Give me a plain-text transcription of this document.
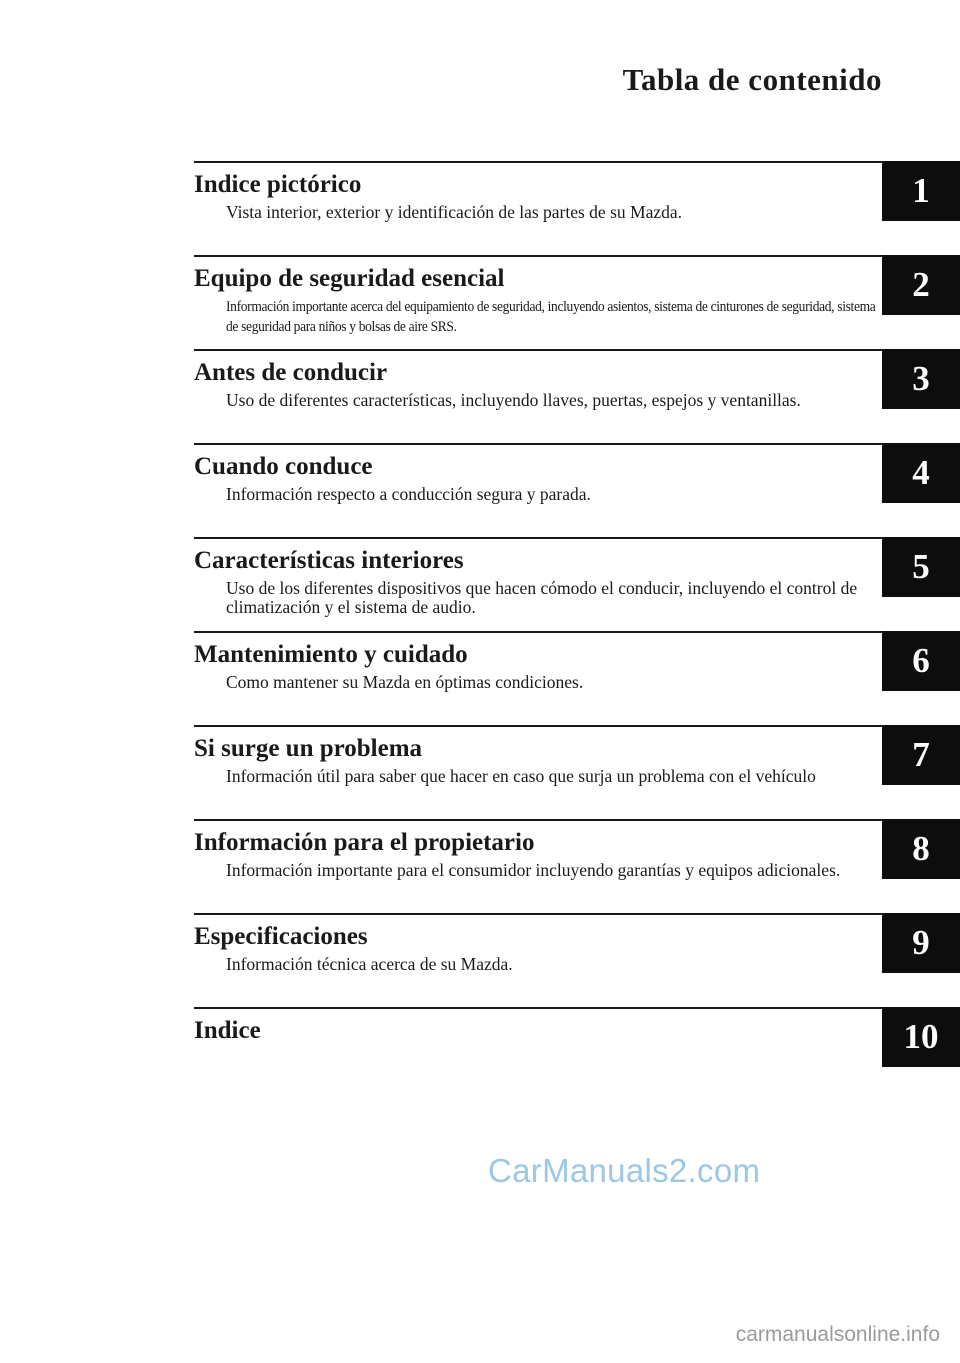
Tabla de contenido
Indice pictórico
Vista interior, exterior y identificación de las partes de su Mazda.
1
Equipo de seguridad esencial
Información importante acerca del equipamiento de seguridad, incluyendo asientos, sistema de cinturones de seguridad, sistema de seguridad para niños y bolsas de aire SRS.
2
Antes de conducir
Uso de diferentes características, incluyendo llaves, puertas, espejos y ventanillas.
3
Cuando conduce
Información respecto a conducción segura y parada.
4
Características interiores
Uso de los diferentes dispositivos que hacen cómodo el conducir, incluyendo el control de climatización y el sistema de audio.
5
Mantenimiento y cuidado
Como mantener su Mazda en óptimas condiciones.
6
Si surge un problema
Información útil para saber que hacer en caso que surja un problema con el vehículo
7
Información para el propietario
Información importante para el consumidor incluyendo garantías y equipos adicionales.
8
Especificaciones
Información técnica acerca de su Mazda.
9
Indice	10
CarManuals2.com
carmanualsonline.info
